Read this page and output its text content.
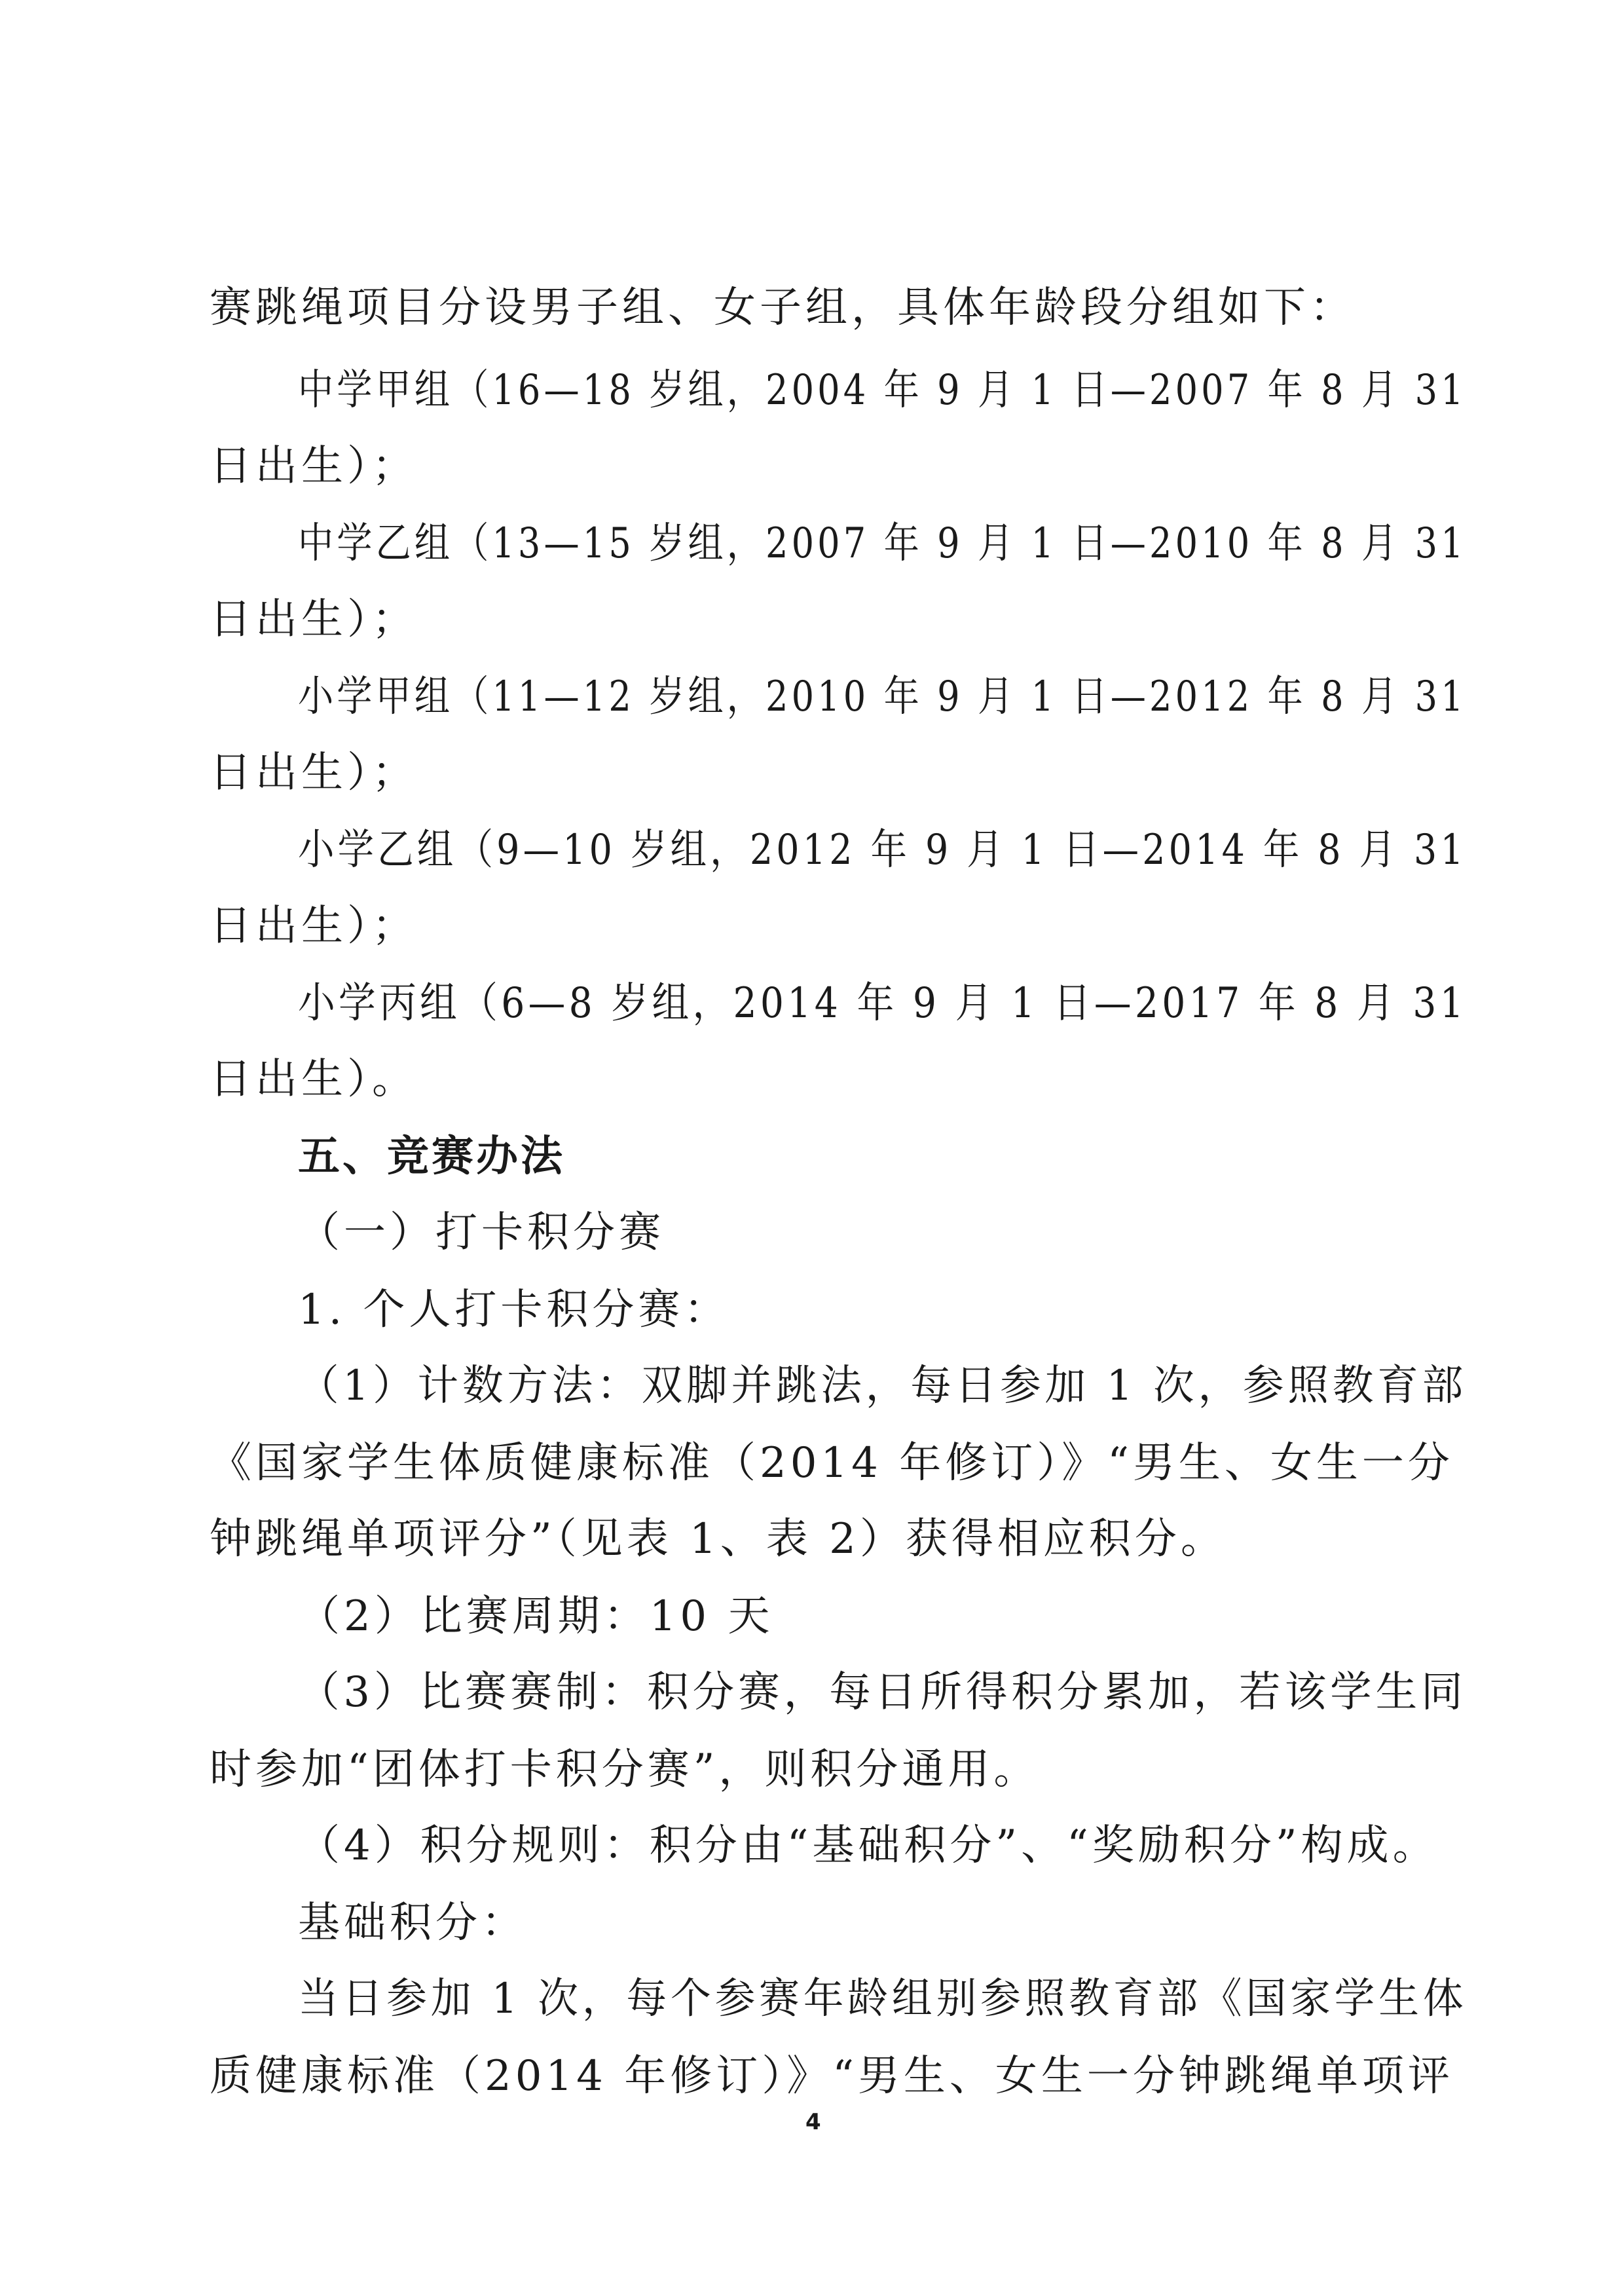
赛跳绳项目分设男子组、女子组，具体年龄段分组如下：
中学甲组（16—18 岁组，2004 年 9 月 1 日—2007 年 8 月 31
日出生）；
中学乙组（13—15 岁组，2007 年 9 月 1 日—2010 年 8 月 31
日出生）；
小学甲组（11—12 岁组，2010 年 9 月 1 日—2012 年 8 月 31
日出生）；
小学乙组（9—10 岁组，2012 年 9 月 1 日—2014 年 8 月 31
日出生）；
小学丙组（6—8 岁组，2014 年 9 月 1 日—2017 年 8 月 31
日出生）。
五、竞赛办法
（一）打卡积分赛
1. 个人打卡积分赛：
（1）计数方法：双脚并跳法，每日参加 1 次，参照教育部
《国家学生体质健康标准（2014 年修订）》“男生、女生一分
钟跳绳单项评分”（见表 1、表 2）获得相应积分。
（2）比赛周期：10 天
（3）比赛赛制：积分赛，每日所得积分累加，若该学生同
时参加“团体打卡积分赛”，则积分通用。
（4）积分规则：积分由“基础积分”、“奖励积分”构成。
基础积分：
当日参加 1 次，每个参赛年龄组别参照教育部《国家学生体
质健康标准（2014 年修订）》“男生、女生一分钟跳绳单项评
4
